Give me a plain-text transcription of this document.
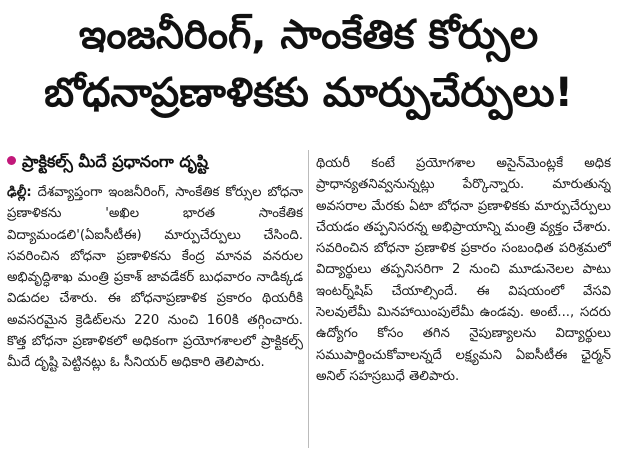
ఇంజనీరింగ్, సాంకేతిక కోర్సుల
బోధనాప్రణాళికకు మార్పుచేర్పులు!
ప్రాక్టికల్స్ మీదే ప్రధానంగా దృష్టి

ఢిల్లీ: దేశవ్యాప్తంగా ఇంజనీరింగ్, సాంకేతిక కోర్సుల బోధనా ప్రణాళికను 'అఖిల భారత సాంకేతిక విద్యామండలి'(ఏఐసీటీఈ) మార్పుచేర్పులు చేసింది. సవరించిన బోధనా ప్రణాళికను కేంద్ర మానవ వనరుల అభివృద్ధిశాఖ మంత్రి ప్రకాశ్ జావడేకర్ బుధవారం నాడిక్కడ విడుదల చేశారు. ఈ బోధనాప్రణాళిక ప్రకారం థియరీకి అవసరమైన క్రెడిట్‌లను 220 నుంచి 160కి తగ్గించారు. కొత్త బోధనా ప్రణాళికలో అధికంగా ప్రయోగశాలలో ప్రాక్టికల్స్ మీదే దృష్టి పెట్టినట్లు ఓ సీనియర్ అధికారి తెలిపారు.

థియరీ కంటే ప్రయోగశాల అసైన్‌మెంట్లకే అధిక ప్రాధాన్యతనివ్వనున్నట్లు పేర్కొన్నారు. మారుతున్న అవసరాల మేరకు ఏటా బోధనా ప్రణాళికకు మార్పుచేర్పులు చేయడం తప్పనిసరన్న అభిప్రాయాన్ని మంత్రి వ్యక్తం చేశారు. సవరించిన బోధనా ప్రణాళిక ప్రకారం సంబంధిత పరిశ్రమలో విద్యార్థులు తప్పనిసరిగా 2 నుంచి మూడునెలల పాటు ఇంటర్న్‌షిప్ చేయాల్సిందే. ఈ విషయంలో వేసవి సెలవులేమీ మినహాయింపులేమీ ఉండవు. అంటే..., సదరు ఉద్యోగం కోసం తగిన నైపుణ్యాలను విద్యార్థులు సముపార్జించుకోవాలన్నదే లక్ష్యమని ఏఐసీటీఈ ఛైర్మన్ అనిల్ సహస్రబుధే తెలిపారు.
